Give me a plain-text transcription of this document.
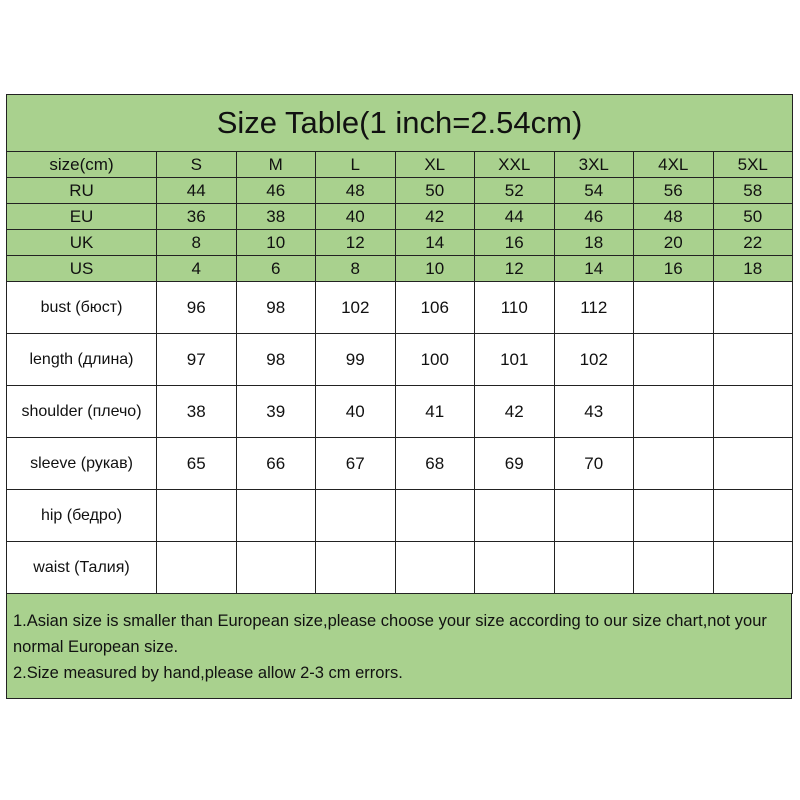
Size Table(1 inch=2.54cm)								
size(cm)	S	M	L	XL	XXL	3XL	4XL	5XL
RU	44	46	48	50	52	54	56	58
EU	36	38	40	42	44	46	48	50
UK	8	10	12	14	16	18	20	22
US	4	6	8	10	12	14	16	18
bust (бюст)	96	98	102	106	110	112		
length (длина)	97	98	99	100	101	102		
shoulder (плечо)	38	39	40	41	42	43		
sleeve (рукав)	65	66	67	68	69	70		
hip (бедро)								
waist (Талия)								

1.Asian size is smaller than European size,please choose your size according to our size chart,not your normal European size.

2.Size measured by hand,please allow 2-3 cm errors.
